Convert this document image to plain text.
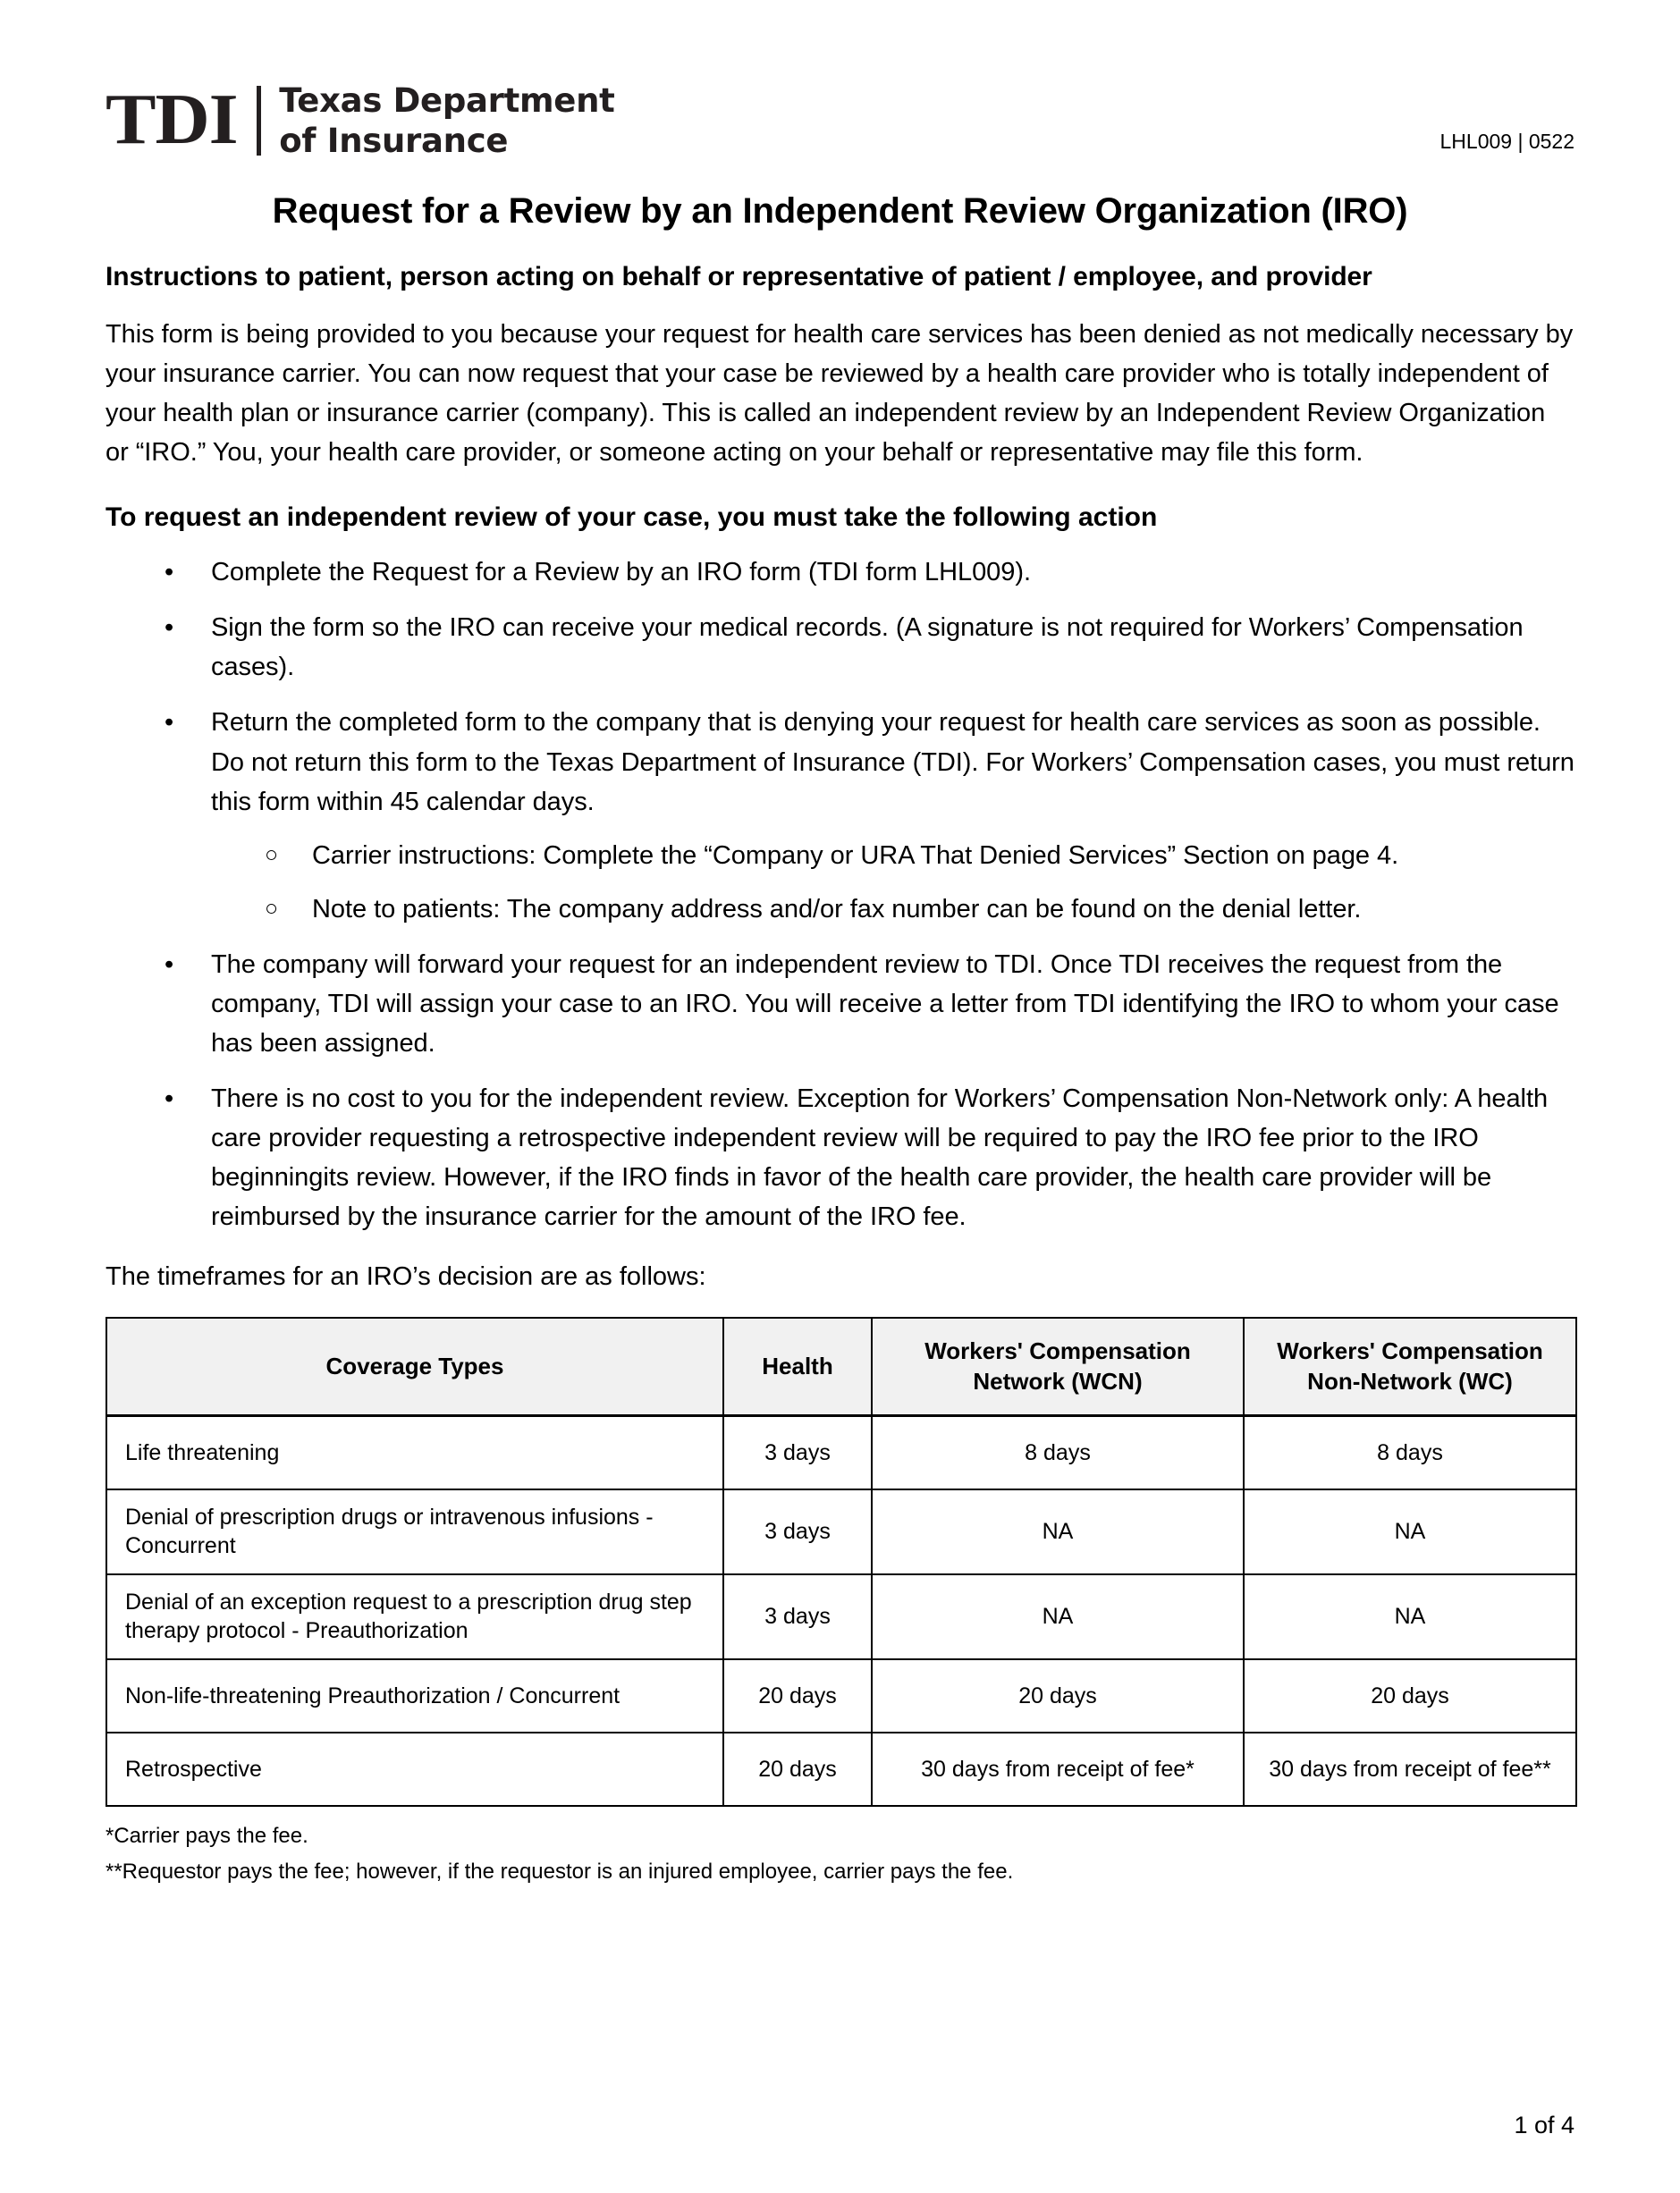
TDI	Texas Department
of Insurance	LHL009 | 0522
Request for a Review by an Independent Review Organization (IRO)
Instructions to patient, person acting on behalf or representative of patient / employee, and provider

This form is being provided to you because your request for health care services has been denied as not medically necessary by your insurance carrier. You can now request that your case be reviewed by a health care provider who is totally independent of your health plan or insurance carrier (company). This is called an independent review by an Independent Review Organization or “IRO.” You, your health care provider, or someone acting on your behalf or representative may file this form.

To request an independent review of your case, you must take the following action
• Complete the Request for a Review by an IRO form (TDI form LHL009).
• Sign the form so the IRO can receive your medical records. (A signature is not required for Workers’ Compensation cases).
• Return the completed form to the company that is denying your request for health care services as soon as possible. Do not return this form to the Texas Department of Insurance (TDI). For Workers’ Compensation cases, you must return this form within 45 calendar days.
○ Carrier instructions: Complete the “Company or URA That Denied Services” Section on page 4.
○ Note to patients: The company address and/or fax number can be found on the denial letter.
• The company will forward your request for an independent review to TDI. Once TDI receives the request from the company, TDI will assign your case to an IRO. You will receive a letter from TDI identifying the IRO to whom your case has been assigned.
• There is no cost to you for the independent review. Exception for Workers’ Compensation Non-Network only: A health care provider requesting a retrospective independent review will be required to pay the IRO fee prior to the IRO beginningits review. However, if the IRO finds in favor of the health care provider, the health care provider will be reimbursed by the insurance carrier for the amount of the IRO fee.

The timeframes for an IRO’s decision are as follows:

Coverage Types	Health	Workers' Compensation Network (WCN)	Workers' Compensation Non-Network (WC)
Life threatening	3 days	8 days	8 days
Denial of prescription drugs or intravenous infusions - Concurrent	3 days	NA	NA
Denial of an exception request to a prescription drug step therapy protocol - Preauthorization	3 days	NA	NA
Non-life-threatening Preauthorization / Concurrent	20 days	20 days	20 days
Retrospective	20 days	30 days from receipt of fee*	30 days from receipt of fee**

*Carrier pays the fee.

**Requestor pays the fee; however, if the requestor is an injured employee, carrier pays the fee.

1 of 4
